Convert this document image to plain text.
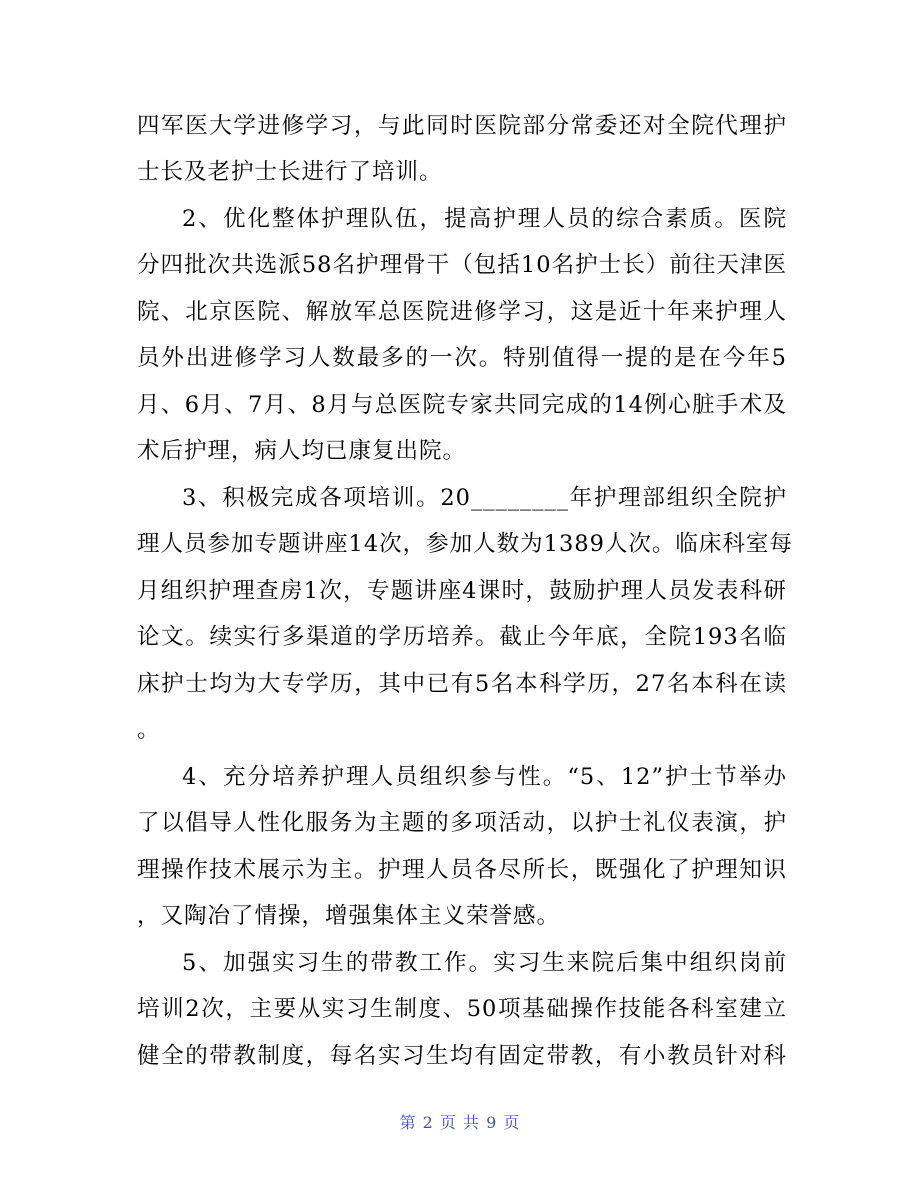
四军医大学进修学习，与此同时医院部分常委还对全院代理护
士长及老护士长进行了培训。
2、优化整体护理队伍，提高护理人员的综合素质。医院
分四批次共选派58名护理骨干（包括10名护士长）前往天津医
院、北京医院、解放军总医院进修学习，这是近十年来护理人
员外出进修学习人数最多的一次。特别值得一提的是在今年5
月、6月、7月、8月与总医院专家共同完成的14例心脏手术及
术后护理，病人均已康复出院。
3、积极完成各项培训。20________年护理部组织全院护
理人员参加专题讲座14次，参加人数为1389人次。临床科室每
月组织护理查房1次，专题讲座4课时，鼓励护理人员发表科研
论文。续实行多渠道的学历培养。截止今年底，全院193名临
床护士均为大专学历，其中已有5名本科学历，27名本科在读
。
4、充分培养护理人员组织参与性。“5、12”护士节举办
了以倡导人性化服务为主题的多项活动，以护士礼仪表演，护
理操作技术展示为主。护理人员各尽所长，既强化了护理知识
，又陶冶了情操，增强集体主义荣誉感。
5、加强实习生的带教工作。实习生来院后集中组织岗前
培训2次，主要从实习生制度、50项基础操作技能各科室建立
健全的带教制度，每名实习生均有固定带教，有小教员针对科
第 2 页 共 9 页
